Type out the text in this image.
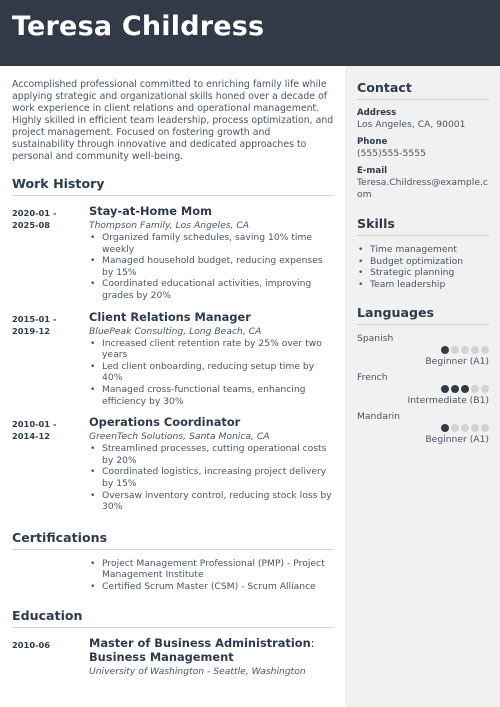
Teresa Childress
Contact
Address
Los Angeles, CA, 90001
Phone
(555)555-5555
E-mail
Teresa.Childress@example.com
Skills
• Time management
• Budget optimization
• Strategic planning
• Team leadership
Languages
Spanish
Beginner (A1)
French
Intermediate (B1)
Mandarin
Beginner (A1)
Accomplished professional committed to enriching family life while applying strategic and organizational skills honed over a decade of work experience in client relations and operational management. Highly skilled in efficient team leadership, process optimization, and project management. Focused on fostering growth and sustainability through innovative and dedicated approaches to personal and community well-being.
Work History
2020-01 -
2025-08
Stay-at-Home Mom
Thompson Family, Los Angeles, CA
• Organized family schedules, saving 10% time weekly
• Managed household budget, reducing expenses by 15%
• Coordinated educational activities, improving grades by 20%
2015-01 -
2019-12
Client Relations Manager
BluePeak Consulting, Long Beach, CA
• Increased client retention rate by 25% over two years
• Led client onboarding, reducing setup time by 40%
• Managed cross-functional teams, enhancing efficiency by 30%
2010-01 -
2014-12
Operations Coordinator
GreenTech Solutions, Santa Monica, CA
• Streamlined processes, cutting operational costs by 20%
• Coordinated logistics, increasing project delivery by 15%
• Oversaw inventory control, reducing stock loss by 30%
Certifications
• Project Management Professional (PMP) - Project Management Institute
• Certified Scrum Master (CSM) - Scrum Alliance
Education
2010-06	Master of Business Administration:
Business Management
University of Washington - Seattle, Washington
